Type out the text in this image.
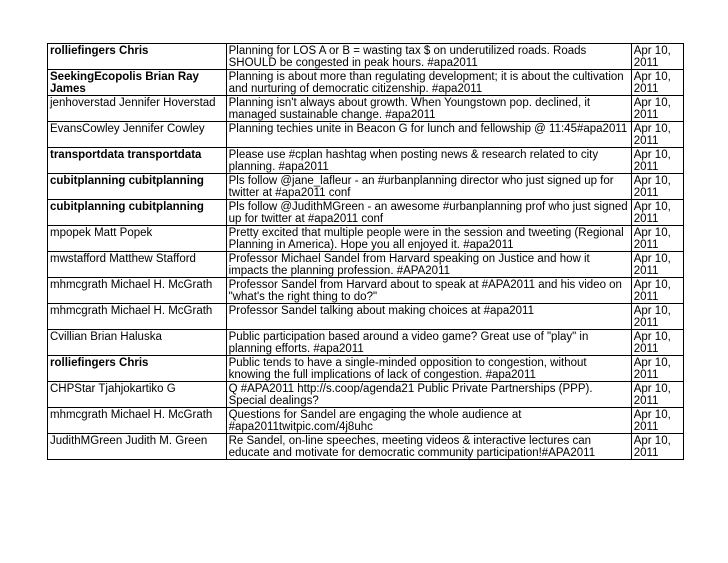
rolliefingers Chris	Planning for LOS A or B = wasting tax $ on underutilized roads. Roads SHOULD be congested in peak hours. #apa2011	Apr 10, 2011
SeekingEcopolis Brian Ray James	Planning is about more than regulating development; it is about the cultivation and nurturing of democratic citizenship. #apa2011	Apr 10, 2011
jenhoverstad Jennifer Hoverstad	Planning isn't always about growth. When Youngstown pop. declined, it managed sustainable change. #apa2011	Apr 10, 2011
EvansCowley Jennifer Cowley	Planning techies unite in Beacon G for lunch and fellowship @ 11:45#apa2011	Apr 10, 2011
transportdata transportdata	Please use #cplan hashtag when posting news & research related to city planning. #apa2011	Apr 10, 2011
cubitplanning cubitplanning	Pls follow @jane_lafleur - an #urbanplanning director who just signed up for twitter at #apa2011 conf	Apr 10, 2011
cubitplanning cubitplanning	Pls follow @JudithMGreen - an awesome #urbanplanning prof who just signed up for twitter at #apa2011 conf	Apr 10, 2011
mpopek Matt Popek	Pretty excited that multiple people were in the session and tweeting (Regional Planning in America). Hope you all enjoyed it. #apa2011	Apr 10, 2011
mwstafford Matthew Stafford	Professor Michael Sandel from Harvard speaking on Justice and how it impacts the planning profession. #APA2011	Apr 10, 2011
mhmcgrath Michael H. McGrath	Professor Sandel from Harvard about to speak at #APA2011 and his video on "what's the right thing to do?"	Apr 10, 2011
mhmcgrath Michael H. McGrath	Professor Sandel talking about making choices at #apa2011	Apr 10, 2011
Cvillian Brian Haluska	Public participation based around a video game? Great use of "play" in planning efforts. #apa2011	Apr 10, 2011
rolliefingers Chris	Public tends to have a single-minded opposition to congestion, without knowing the full implications of lack of congestion. #apa2011	Apr 10, 2011
CHPStar Tjahjokartiko G	Q #APA2011 http://s.coop/agenda21 Public Private Partnerships (PPP). Special dealings?	Apr 10, 2011
mhmcgrath Michael H. McGrath	Questions for Sandel are engaging the whole audience at #apa2011twitpic.com/4j8uhc	Apr 10, 2011
JudithMGreen Judith M. Green	Re Sandel, on-line speeches, meeting videos & interactive lectures can educate and motivate for democratic community participation!#APA2011	Apr 10, 2011
